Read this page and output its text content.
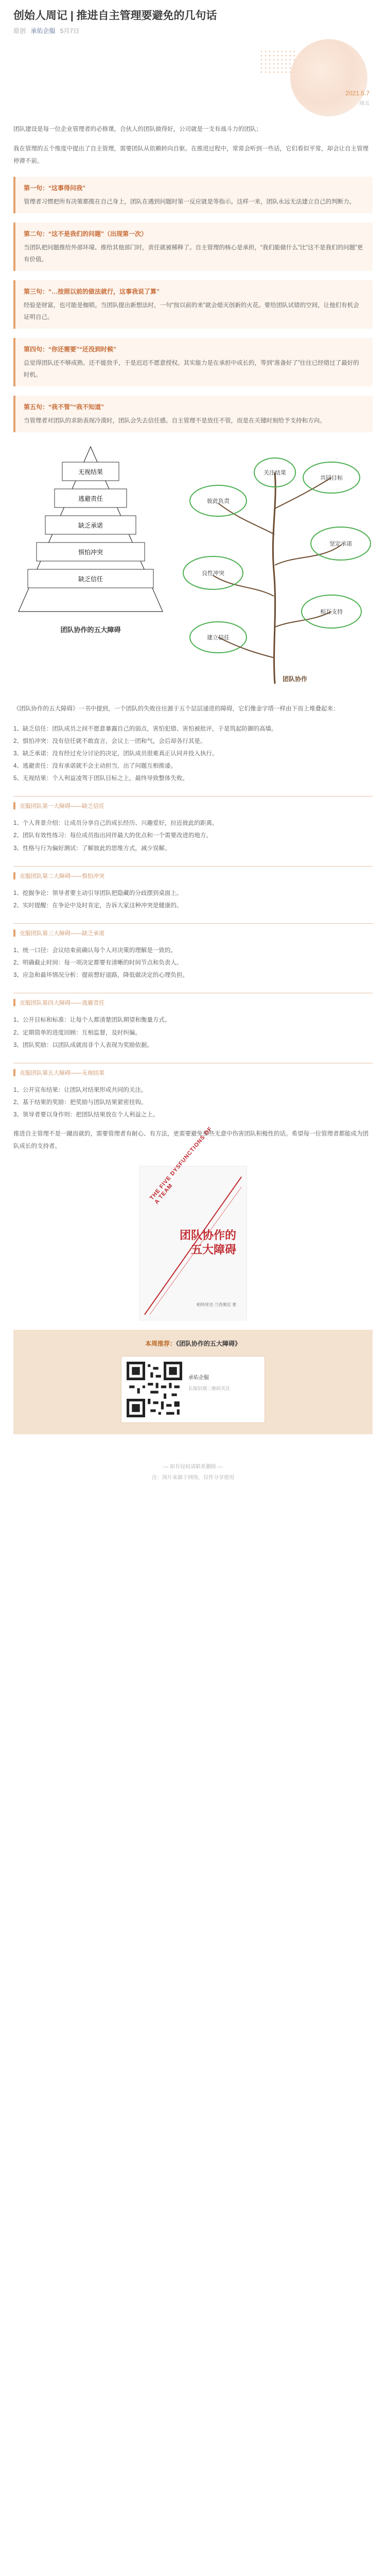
创始人周记 | 推进自主管理要避免的几句话
原创 承佑企服 5月7日
2021.5.7
周五

团队建设是每一位企业管理者的必修课，合伙人的团队做得好，公司就是一支有战斗力的团队；

我在管理的五个维度中提出了自主管理，需要团队从依赖转向自驱。在推进过程中，常常会听到一些话，它们看似平常，却会让自主管理停滞不前。

第一句：“这事得问我”

管理者习惯把所有决策都揽在自己身上，团队在遇到问题时第一反应就是等指示。这样一来，团队永远无法建立自己的判断力。

第二句：“这不是我们的问题”（出现第一次）

当团队把问题推给外部环境、推给其他部门时，责任就被稀释了。自主管理的核心是承担，“我们能做什么”比“这不是我们的问题”更有价值。

第三句：“…按照以前的做法就行，这事我说了算”

经验是财富，也可能是枷锁。当团队提出新想法时，一句“按以前的来”就会熄灭创新的火花。要给团队试错的空间，让他们有机会证明自己。

第四句：“你还需要”“还没到时候”

总觉得团队还不够成熟、还不能放手，于是迟迟不愿意授权。其实能力是在承担中成长的，等到“准备好了”往往已经错过了最好的时机。

第五句：“我不管”“我不知道”

当管理者对团队的求助表现冷漠时，团队会失去信任感。自主管理不是放任不管，而是在关键时刻给予支持和方向。

无视结果
逃避责任
缺乏承诺
惧怕冲突
缺乏信任
团队协作的五大障碍
关注结果
彼此负责
共同目标
良性冲突
坚定承诺
相互支持
建立信任
团队协作

《团队协作的五大障碍》一书中提到，一个团队的失败往往源于五个层层递进的障碍，它们像金字塔一样由下而上堆叠起来：

1、缺乏信任：团队成员之间不愿意暴露自己的弱点，害怕犯错、害怕被批评，于是筑起防御的高墙。
2、惧怕冲突：没有信任就不敢直言，会议上一团和气，会后却各行其是。
3、缺乏承诺：没有经过充分讨论的决定，团队成员很难真正认同并投入执行。
4、逃避责任：没有承诺就不会主动担当，出了问题互相推诿。
5、无视结果：个人利益凌驾于团队目标之上，最终导致整体失败。
克服团队第一大障碍——缺乏信任
1、个人背景介绍：让成员分享自己的成长经历、兴趣爱好，拉近彼此的距离。
2、团队有效性练习：每位成员指出同伴最大的优点和一个需要改进的地方。
3、性格与行为偏好测试：了解彼此的思维方式，减少误解。
克服团队第二大障碍——惧怕冲突
1、挖掘争论：领导者要主动引导团队把隐藏的分歧摆到桌面上。
2、实时提醒：在争论中及时肯定，告诉大家这种冲突是健康的。
克服团队第三大障碍——缺乏承诺
1、统一口径：会议结束前确认每个人对决策的理解是一致的。
2、明确截止时间：每一项决定都要有清晰的时间节点和负责人。
3、应急和最坏情况分析：提前想好退路，降低做决定的心理负担。
克服团队第四大障碍——逃避责任
1、公开目标和标准：让每个人都清楚团队期望和衡量方式。
2、定期简单的进度回顾：互相监督，及时纠偏。
3、团队奖励：以团队成就而非个人表现为奖励依据。
克服团队第五大障碍——无视结果
1、公开宣布结果：让团队对结果形成共同的关注。
2、基于结果的奖励：把奖励与团队结果紧密挂钩。
3、领导者要以身作则：把团队结果放在个人利益之上。

推进自主管理不是一蹴而就的，需要管理者有耐心、有方法，更需要避免那些无意中伤害团队积极性的话。希望每一位管理者都能成为团队成长的支持者。	THE FIVE DYSFUNCTIONS OF A TEAM
团队协作的
五大障碍
帕特里克·兰西奥尼 著
本周推荐：《团队协作的五大障碍》
承佑企服
长按识别二维码关注
— 如有侵权请联系删除 —
注：图片来源于网络，仅作分享使用
